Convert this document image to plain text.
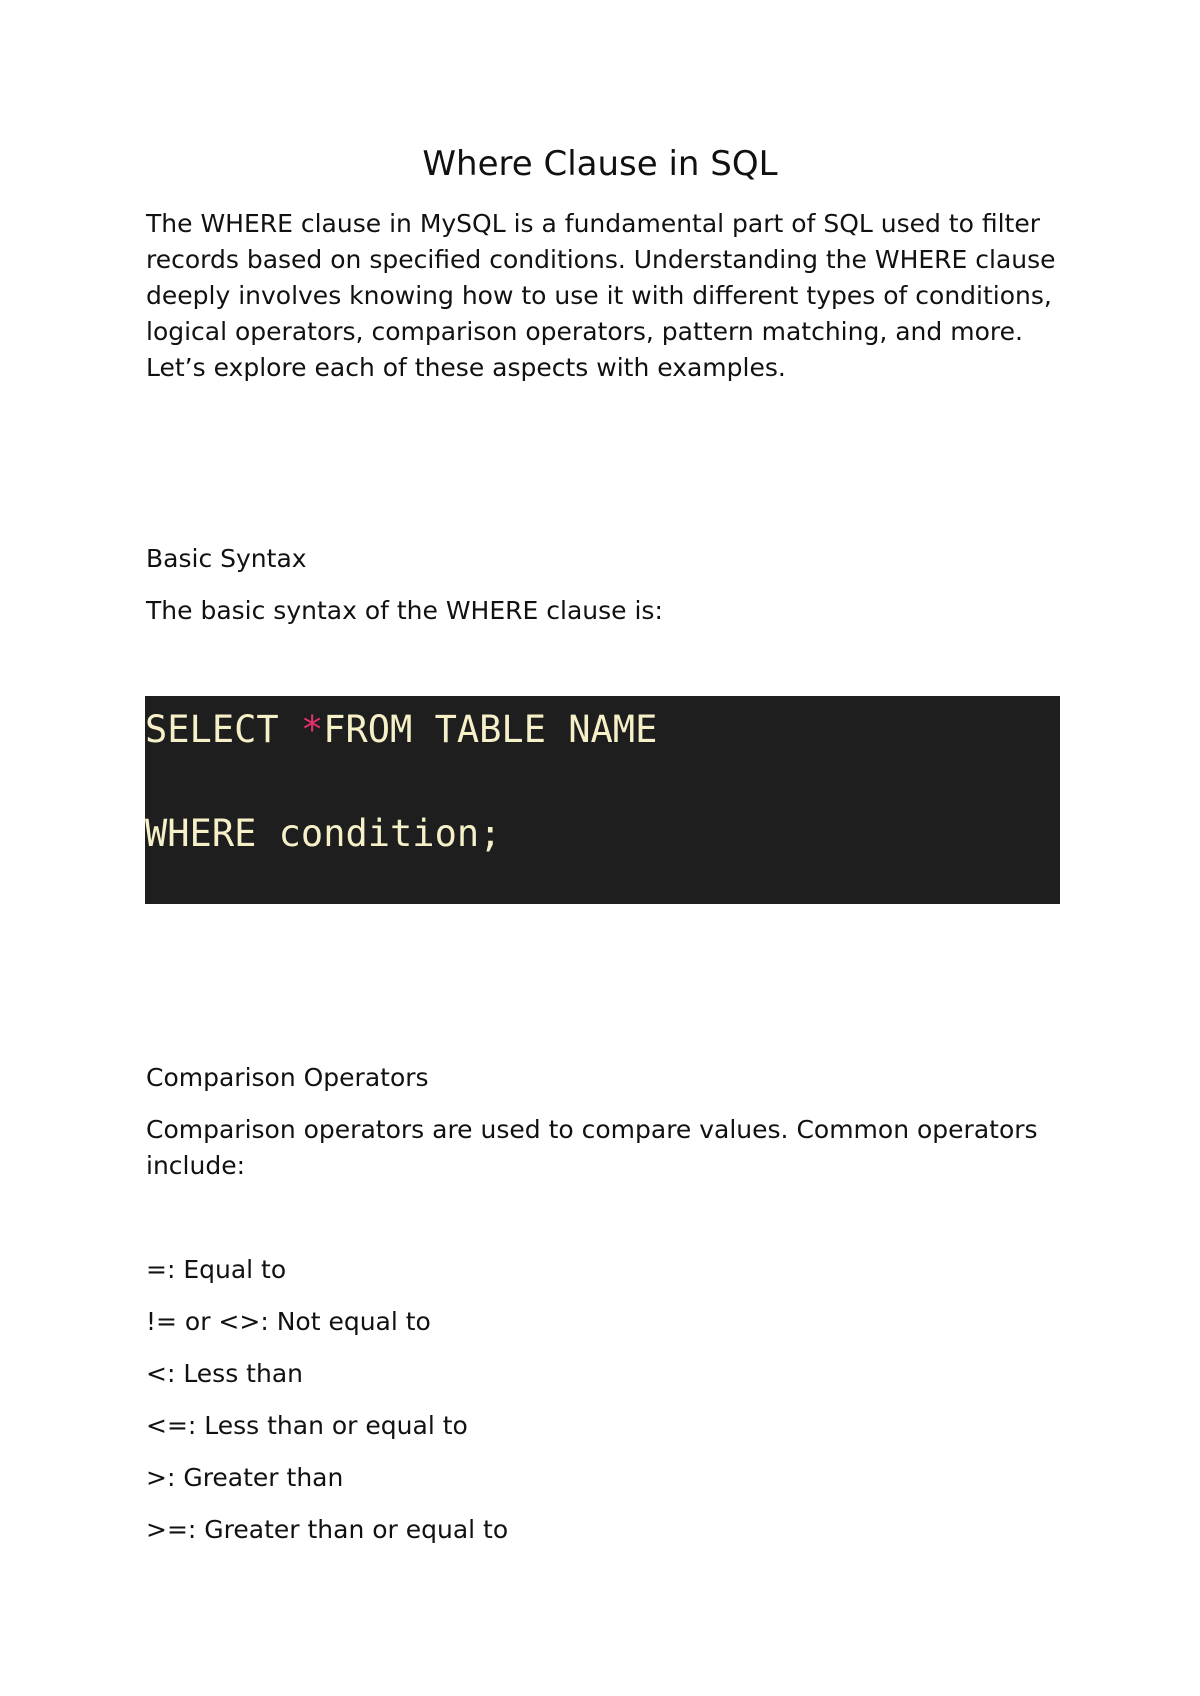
Where Clause in SQL
The WHERE clause in MySQL is a fundamental part of SQL used to filter records based on specified conditions. Understanding the WHERE clause deeply involves knowing how to use it with different types of conditions, logical operators, comparison operators, pattern matching, and more. Let’s explore each of these aspects with examples.
Basic Syntax
The basic syntax of the WHERE clause is:
SELECT *FROM TABLE NAME
WHERE condition;
Comparison Operators
Comparison operators are used to compare values. Common operators include:
=: Equal to
!= or <>: Not equal to
<: Less than
<=: Less than or equal to
>: Greater than
>=: Greater than or equal to
